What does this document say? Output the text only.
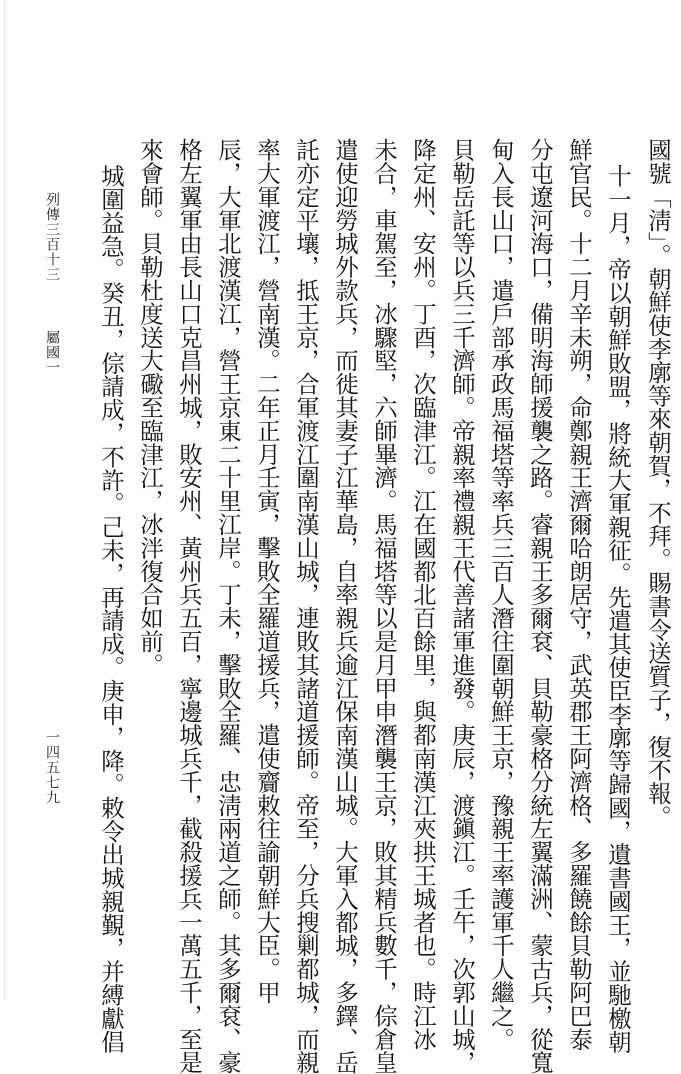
國號「淸」。朝鮮使李廓等來朝賀，不拜。賜書令送質子，復不報。
十一月，帝以朝鮮敗盟，將統大軍親征。先遣其使臣李廓等歸國，遺書國王，並馳檄朝
鮮官民。十二月辛未朔，命鄭親王濟爾哈朗居守，武英郡王阿濟格、多羅饒餘貝勒阿巴泰
分屯遼河海口，備明海師援襲之路。睿親王多爾袞、貝勒豪格分統左翼滿洲、蒙古兵，從寬
甸入長山口，遣戶部承政馬福塔等率兵三百人潛往圍朝鮮王京，豫親王率護軍千人繼之。
貝勒岳託等以兵三千濟師。帝親率禮親王代善諸軍進發。庚辰，渡鎭江。壬午，次郭山城，
降定州、安州。丁酉，次臨津江。江在國都北百餘里，與都南漢江夾拱王城者也。時江冰
未合，車駕至，冰驟堅，六師畢濟。馬福塔等以是月甲申潛襲王京，敗其精兵數千，倧倉皇
遣使迎勞城外款兵，而徙其妻子江華島，自率親兵逾江保南漢山城。大軍入都城，多鐸、岳
託亦定平壤，抵王京，合軍渡江圍南漢山城，連敗其諸道援師。帝至，分兵搜剿都城，而親
率大軍渡江，營南漢。二年正月壬寅，擊敗全羅道援兵，遣使齎敕往諭朝鮮大臣。甲
辰，大軍北渡漢江，營王京東二十里江岸。丁未，擊敗全羅、忠淸兩道之師。其多爾袞、豪
格左翼軍由長山口克昌州城，敗安州、黃州兵五百，寧邊城兵千，截殺援兵一萬五千，至是
來會師。貝勒杜度送大礮至臨津江，冰泮復合如前。
城圍益急。癸丑，倧請成，不許。己未，再請成。庚申，降。敕令出城親覲，并縛獻倡
列傳三百十三
屬國一
一四五七九
